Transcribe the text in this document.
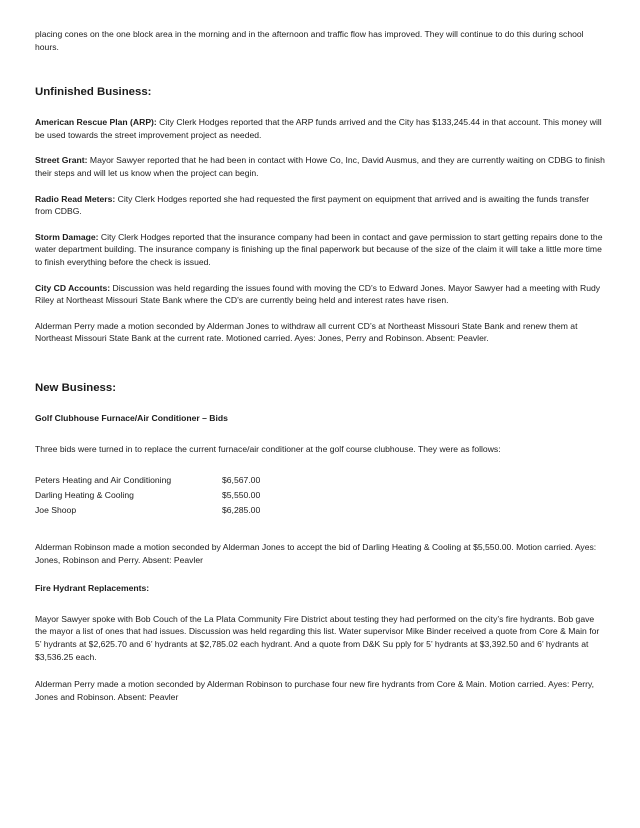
placing cones on the one block area in the morning and in the afternoon and traffic flow has improved. They will continue to do this during school hours.

Unfinished Business:

American Rescue Plan (ARP): City Clerk Hodges reported that the ARP funds arrived and the City has $133,245.44 in that account. This money will be used towards the street improvement project as needed.

Street Grant: Mayor Sawyer reported that he had been in contact with Howe Co, Inc, David Ausmus, and they are currently waiting on CDBG to finish their steps and will let us know when the project can begin.

Radio Read Meters: City Clerk Hodges reported she had requested the first payment on equipment that arrived and is awaiting the funds transfer from CDBG.

Storm Damage: City Clerk Hodges reported that the insurance company had been in contact and gave permission to start getting repairs done to the water department building. The insurance company is finishing up the final paperwork but because of the size of the claim it will take a little more time to finish everything before the check is issued.

City CD Accounts: Discussion was held regarding the issues found with moving the CD’s to Edward Jones. Mayor Sawyer had a meeting with Rudy Riley at Northeast Missouri State Bank where the CD’s are currently being held and interest rates have risen.

Alderman Perry made a motion seconded by Alderman Jones to withdraw all current CD’s at Northeast Missouri State Bank and renew them at Northeast Missouri State Bank at the current rate. Motioned carried. Ayes: Jones, Perry and Robinson. Absent: Peavler.

New Business:

Golf Clubhouse Furnace/Air Conditioner – Bids

Three bids were turned in to replace the current furnace/air conditioner at the golf course clubhouse. They were as follows:

Peters Heating and Air Conditioning	$6,567.00
Darling Heating & Cooling	$5,550.00
Joe Shoop	$6,285.00

Alderman Robinson made a motion seconded by Alderman Jones to accept the bid of Darling Heating & Cooling at $5,550.00. Motion carried. Ayes: Jones, Robinson and Perry. Absent: Peavler

Fire Hydrant Replacements:

Mayor Sawyer spoke with Bob Couch of the La Plata Community Fire District about testing they had performed on the city’s fire hydrants. Bob gave the mayor a list of ones that had issues. Discussion was held regarding this list. Water supervisor Mike Binder received a quote from Core & Main for 5’ hydrants at $2,625.70 and 6’ hydrants at $2,785.02 each hydrant. And a quote from D&K Su pply for 5’ hydrants at $3,392.50 and 6’ hydrants at $3,536.25 each.

Alderman Perry made a motion seconded by Alderman Robinson to purchase four new fire hydrants from Core & Main. Motion carried. Ayes: Perry, Jones and Robinson. Absent: Peavler
